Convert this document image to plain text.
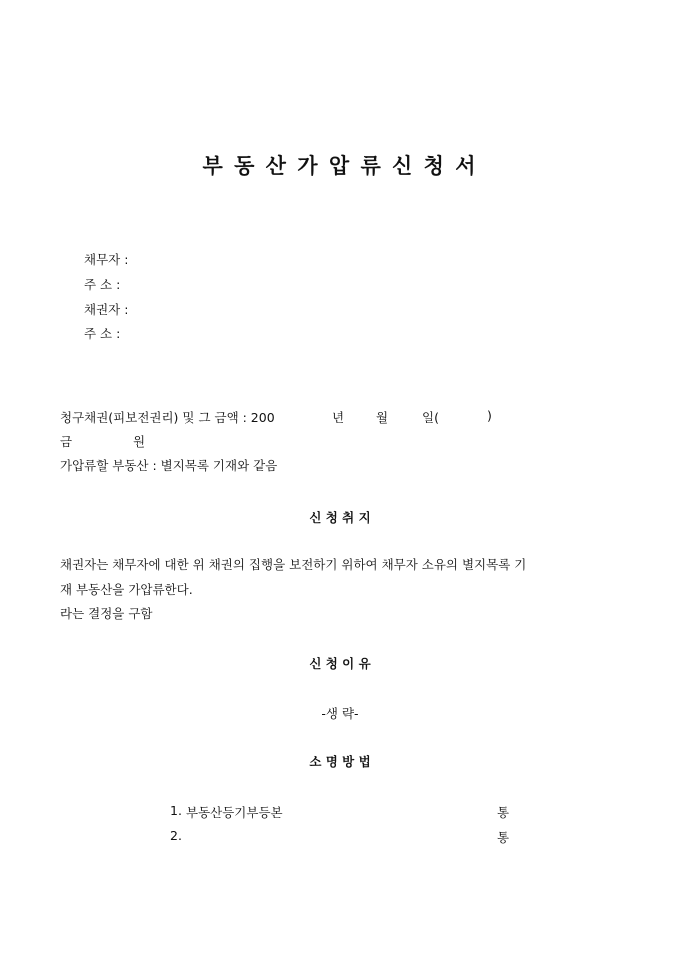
부 동 산 가 압 류 신 청 서
채무자 :
주 소 :
채권자 :
주 소 :
청구채권(피보전권리) 및 그 금액 : 200	년	월	일(	)
금	원
가압류할 부동산 : 별지목록 기재와 같음
신 청 취 지
채권자는 채무자에 대한 위 채권의 집행을 보전하기 위하여 채무자 소유의 별지목록 기
재 부동산을 가압류한다.
라는 결정을 구함
신 청 이 유
-생 략-
소 명 방 법
1. 부동산등기부등본	통
2.	통
